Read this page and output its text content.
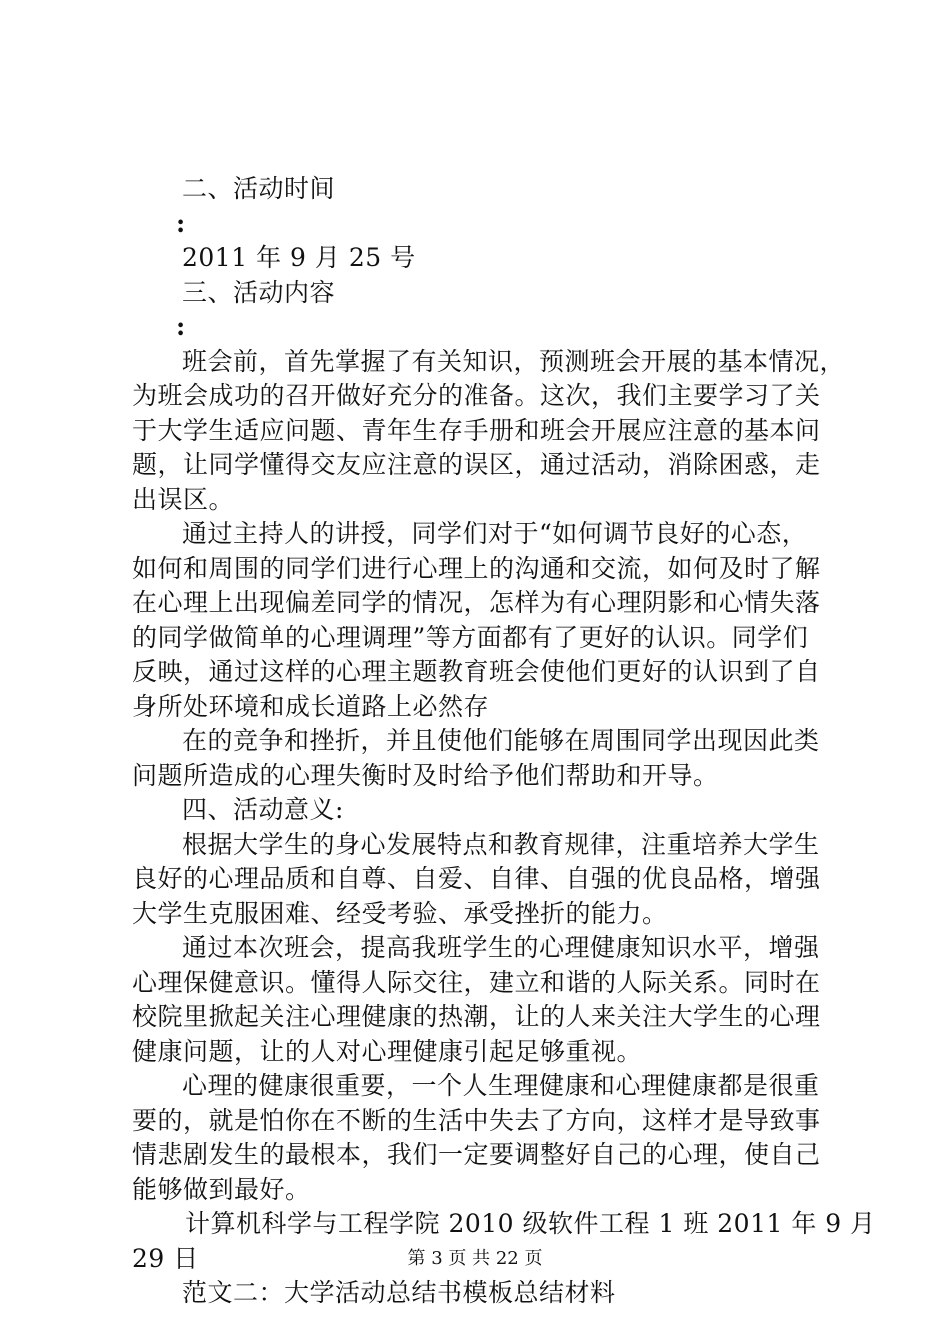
二、活动时间
:
2011 年 9 月 25 号
三、活动内容
:
班会前，首先掌握了有关知识，预测班会开展的基本情况，
为班会成功的召开做好充分的准备。这次，我们主要学习了关
于大学生适应问题、青年生存手册和班会开展应注意的基本问
题，让同学懂得交友应注意的误区，通过活动，消除困惑，走
出误区。
通过主持人的讲授，同学们对于“如何调节良好的心态，
如何和周围的同学们进行心理上的沟通和交流，如何及时了解
在心理上出现偏差同学的情况，怎样为有心理阴影和心情失落
的同学做简单的心理调理”等方面都有了更好的认识。同学们
反映，通过这样的心理主题教育班会使他们更好的认识到了自
身所处环境和成长道路上必然存
在的竞争和挫折，并且使他们能够在周围同学出现因此类
问题所造成的心理失衡时及时给予他们帮助和开导。
四、活动意义:
根据大学生的身心发展特点和教育规律，注重培养大学生
良好的心理品质和自尊、自爱、自律、自强的优良品格，增强
大学生克服困难、经受考验、承受挫折的能力。
通过本次班会，提高我班学生的心理健康知识水平，增强
心理保健意识。懂得人际交往，建立和谐的人际关系。同时在
校院里掀起关注心理健康的热潮，让的人来关注大学生的心理
健康问题，让的人对心理健康引起足够重视。
心理的健康很重要，一个人生理健康和心理健康都是很重
要的，就是怕你在不断的生活中失去了方向，这样才是导致事
情悲剧发生的最根本，我们一定要调整好自己的心理，使自己
能够做到最好。
计算机科学与工程学院 2010 级软件工程 1 班 2011 年 9 月
29 日
范文二：大学活动总结书模板总结材料
第 3 页 共 22 页
